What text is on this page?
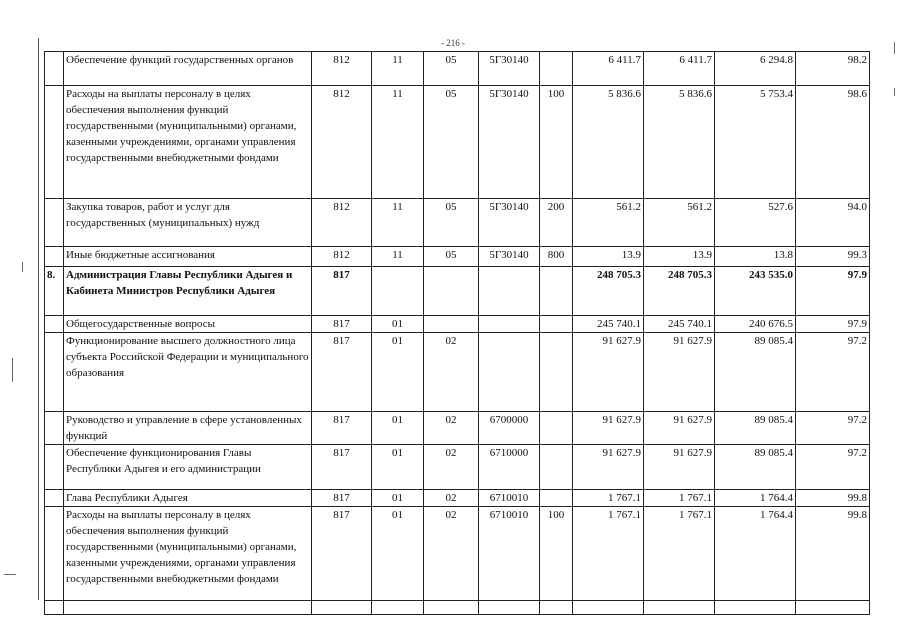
- 216 -
	Обеспечение функций государственных органов	812	11	05	5Г30140		6 411.7	6 411.7	6 294.8	98.2
	Расходы на выплаты персоналу в целях обеспечения выполнения функций государственными (муниципальными) органами, казенными учреждениями, органами управления государственными внебюджетными фондами	812	11	05	5Г30140	100	5 836.6	5 836.6	5 753.4	98.6
	Закупка товаров, работ и услуг для государственных (муниципальных) нужд	812	11	05	5Г30140	200	561.2	561.2	527.6	94.0
	Иные бюджетные ассигнования	812	11	05	5Г30140	800	13.9	13.9	13.8	99.3
8.	Администрация Главы Республики Адыгея и Кабинета Министров Республики Адыгея	817					248 705.3	248 705.3	243 535.0	97.9
	Общегосударственные вопросы	817	01				245 740.1	245 740.1	240 676.5	97.9
	Функционирование высшего должностного лица субъекта Российской Федерации и муниципального образования	817	01	02			91 627.9	91 627.9	89 085.4	97.2
	Руководство и управление в сфере установленных функций	817	01	02	6700000		91 627.9	91 627.9	89 085.4	97.2
	Обеспечение функционирования Главы Республики Адыгея и его администрации	817	01	02	6710000		91 627.9	91 627.9	89 085.4	97.2
	Глава Республики Адыгея	817	01	02	6710010		1 767.1	1 767.1	1 764.4	99.8
	Расходы на выплаты персоналу в целях обеспечения выполнения функций государственными (муниципальными) органами, казенными учреждениями, органами управления государственными внебюджетными фондами	817	01	02	6710010	100	1 767.1	1 767.1	1 764.4	99.8
